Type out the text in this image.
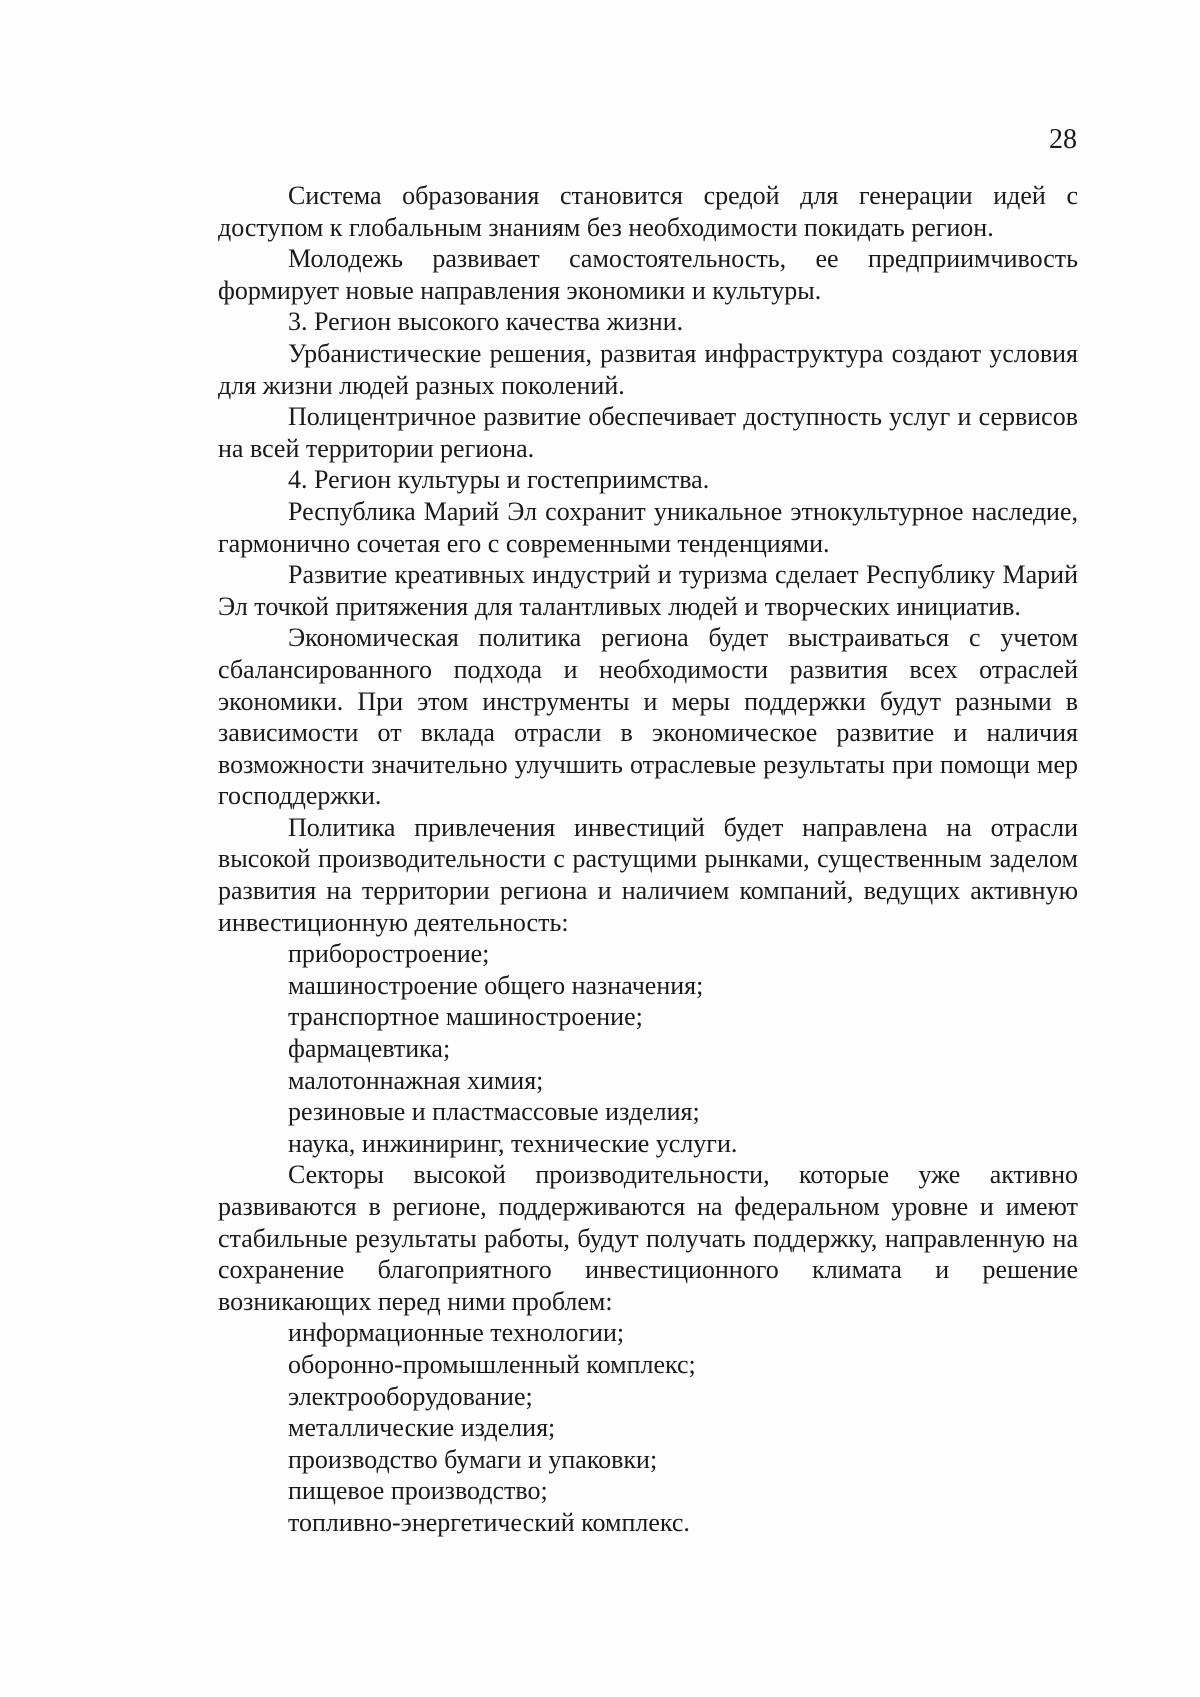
28

Система образования становится средой для генерации идей с доступом к глобальным знаниям без необходимости покидать регион.

Молодежь развивает самостоятельность, ее предприимчивость формирует новые направления экономики и культуры.

3. Регион высокого качества жизни.

Урбанистические решения, развитая инфраструктура создают условия для жизни людей разных поколений.

Полицентричное развитие обеспечивает доступность услуг и сервисов на всей территории региона.

4. Регион культуры и гостеприимства.

Республика Марий Эл сохранит уникальное этнокультурное наследие, гармонично сочетая его с современными тенденциями.

Развитие креативных индустрий и туризма сделает Республику Марий Эл точкой притяжения для талантливых людей и творческих инициатив.

Экономическая политика региона будет выстраиваться с учетом сбалансированного подхода и необходимости развития всех отраслей экономики. При этом инструменты и меры поддержки будут разными в зависимости от вклада отрасли в экономическое развитие и наличия возможности значительно улучшить отраслевые результаты при помощи мер господдержки.

Политика привлечения инвестиций будет направлена на отрасли высокой производительности с растущими рынками, существенным заделом развития на территории региона и наличием компаний, ведущих активную инвестиционную деятельность:

приборостроение;
машиностроение общего назначения;
транспортное машиностроение;
фармацевтика;
малотоннажная химия;
резиновые и пластмассовые изделия;
наука, инжиниринг, технические услуги.

Секторы высокой производительности, которые уже активно развиваются в регионе, поддерживаются на федеральном уровне и имеют стабильные результаты работы, будут получать поддержку, направленную на сохранение благоприятного инвестиционного климата и решение возникающих перед ними проблем:

информационные технологии;
оборонно-промышленный комплекс;
электрооборудование;
металлические изделия;
производство бумаги и упаковки;
пищевое производство;
топливно-энергетический комплекс.
